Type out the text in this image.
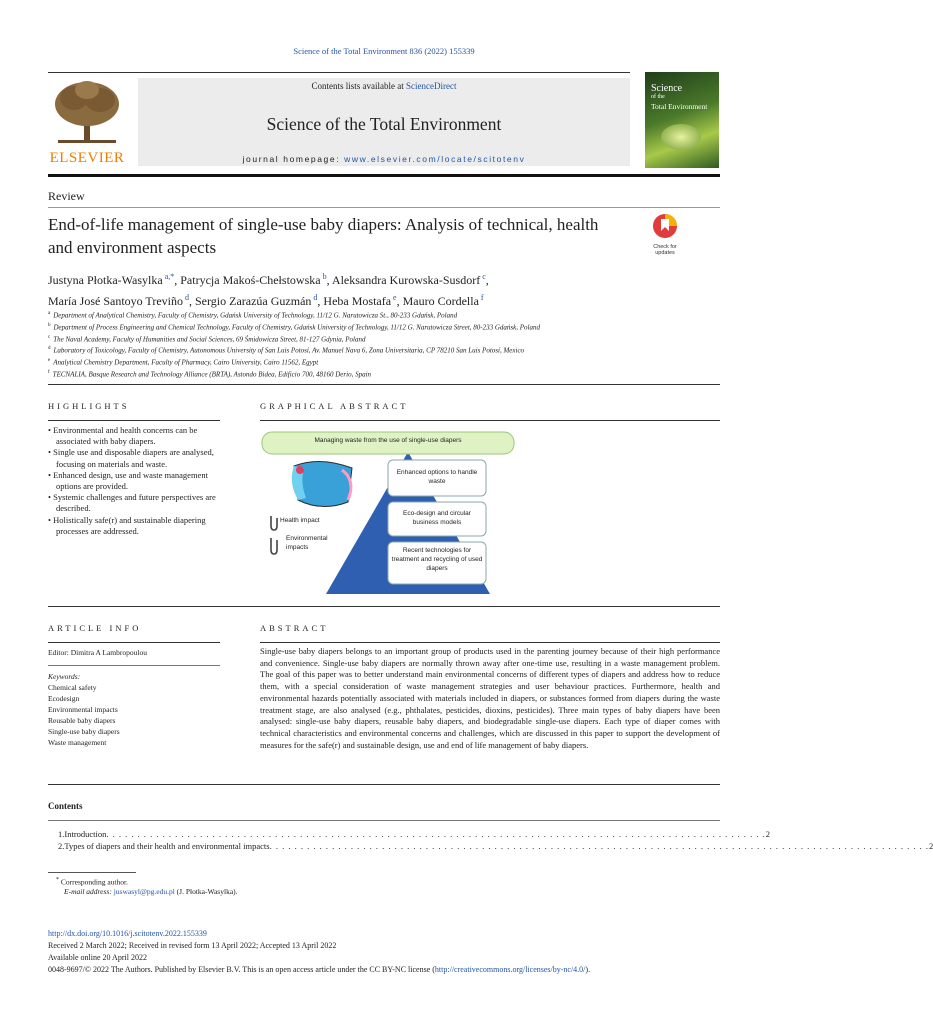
Science of the Total Environment 836 (2022) 155339
ELSEVIER
Contents lists available at ScienceDirect
Science of the Total Environment
journal homepage: www.elsevier.com/locate/scitotenv
Science
of the
Total Environment
Review
End-of-life management of single-use baby diapers: Analysis of technical, health and environment aspects	Check for
updates
Justyna Płotka-Wasylka $^{a,*}$, Patrycja Makoś-Chełstowska $^b$, Aleksandra Kurowska-Susdorf $^c$,
María José Santoyo Treviño $^d$, Sergio Zarazúa Guzmán $^d$, Heba Mostafa $^e$, Mauro Cordella $^f$
$^a$ Department of Analytical Chemistry, Faculty of Chemistry, Gdańsk University of Technology, 11/12 G. Narutowicza St., 80-233 Gdańsk, Poland
$^b$ Department of Process Engineering and Chemical Technology, Faculty of Chemistry, Gdańsk University of Technology, 11/12 G. Narutowicza Street, 80-233 Gdańsk, Poland
$^c$ The Naval Academy, Faculty of Humanities and Social Sciences, 69 Śmidowicza Street, 81-127 Gdynia, Poland
$^d$ Laboratory of Toxicology, Faculty of Chemistry, Autonomous University of San Luis Potosí, Av. Manuel Nava 6, Zona Universitaria, CP 78210 San Luis Potosí, Mexico
$^e$ Analytical Chemistry Department, Faculty of Pharmacy, Cairo University, Cairo 11562, Egypt
$^f$ TECNALIA, Basque Research and Technology Alliance (BRTA), Astondo Bidea, Edificio 700, 48160 Derio, Spain
HIGHLIGHTS
• Environmental and health concerns can be associated with baby diapers.
• Single use and disposable diapers are analysed, focusing on materials and waste.
• Enhanced design, use and waste management options are provided.
• Systemic challenges and future perspectives are described.
• Holistically safe(r) and sustainable diapering processes are addressed.
GRAPHICAL ABSTRACT
Managing waste from the use of single-use diapers
Enhanced options to handle waste
Eco-design and circular business models
Recent technologies for treatment and recycling of used diapers
Health impact
Environmental impacts
ARTICLE INFO
Editor: Dimitra A Lambropoulou
Keywords:
Chemical safety
Ecodesign
Environmental impacts
Reusable baby diapers
Single-use baby diapers
Waste management
ABSTRACT
Single-use baby diapers belongs to an important group of products used in the parenting journey because of their high performance and convenience. Single-use baby diapers are normally thrown away after one-time use, resulting in a waste management problem. The goal of this paper was to better understand main environmental concerns of different types of diapers and address how to reduce them, with a special consideration of waste management strategies and user behaviour practices. Furthermore, health and environmental hazards potentially associated with materials included in diapers, or substances formed from diapers during the waste treatment stage, are also analysed (e.g., phthalates, pesticides, dioxins, pesticides). Three main types of baby diapers have been analysed: single-use baby diapers, reusable baby diapers, and biodegradable single-use diapers. Each type of diaper comes with technical characteristics and environmental concerns and challenges, which are discussed in this paper to support the development of measures for the safe(r) and sustainable design, use and end of life management of baby diapers.
Contents
1. Introduction . . . . . . . . . . . . . . . . . . . . . . . . . . . . . . . . . . . . . . . . . . . . . . . . . . . . . . . . . . . . . . . . . . . . . . . . . . . . . . . . . . . . . . . . . . . . . . . . . . . . . . . . . . 2
2. Types of diapers and their health and environmental impacts . . . . . . . . . . . . . . . . . . . . . . . . . . . . . . . . . . . . . . . . . . . . . . . . . . . . . . . . . . . . . . . . . . . . . . . . . . . . . . . . . . . . . . . . . . . . . . . . . . . . . . . . . . 2
* Corresponding author.
E-mail address: juswasyl@pg.edu.pl (J. Płotka-Wasylka).
http://dx.doi.org/10.1016/j.scitotenv.2022.155339
Received 2 March 2022; Received in revised form 13 April 2022; Accepted 13 April 2022
Available online 20 April 2022
0048-9697/© 2022 The Authors. Published by Elsevier B.V. This is an open access article under the CC BY-NC license (http://creativecommons.org/licenses/by-nc/4.0/).
